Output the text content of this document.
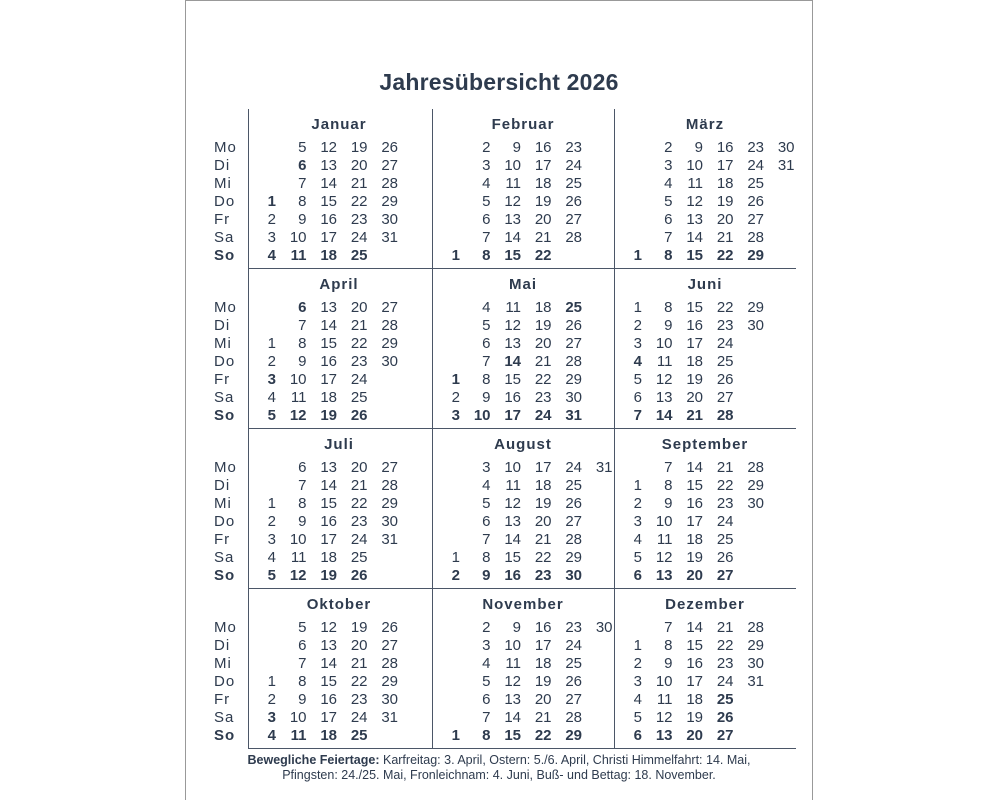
Jahresübersicht 2026
Mo
Di
Mi
Do
Fr
Sa
So
Januar
1
2
3
4
5
6
7
8
9
10
11
12
13
14
15
16
17
18
19
20
21
22
23
24
25
26
27
28
29
30
31
Februar
1
2
3
4
5
6
7
8
9
10
11
12
13
14
15
16
17
18
19
20
21
22
23
24
25
26
27
28
März
1
2
3
4
5
6
7
8
9
10
11
12
13
14
15
16
17
18
19
20
21
22
23
24
25
26
27
28
29
30
31
Mo
Di
Mi
Do
Fr
Sa
So
April
1
2
3
4
5
6
7
8
9
10
11
12
13
14
15
16
17
18
19
20
21
22
23
24
25
26
27
28
29
30
Mai
1
2
3
4
5
6
7
8
9
10
11
12
13
14
15
16
17
18
19
20
21
22
23
24
25
26
27
28
29
30
31
Juni
1
2
3
4
5
6
7
8
9
10
11
12
13
14
15
16
17
18
19
20
21
22
23
24
25
26
27
28
29
30
Mo
Di
Mi
Do
Fr
Sa
So
Juli
1
2
3
4
5
6
7
8
9
10
11
12
13
14
15
16
17
18
19
20
21
22
23
24
25
26
27
28
29
30
31
August
1
2
3
4
5
6
7
8
9
10
11
12
13
14
15
16
17
18
19
20
21
22
23
24
25
26
27
28
29
30
31
September
1
2
3
4
5
6
7
8
9
10
11
12
13
14
15
16
17
18
19
20
21
22
23
24
25
26
27
28
29
30
Mo
Di
Mi
Do
Fr
Sa
So
Oktober
1
2
3
4
5
6
7
8
9
10
11
12
13
14
15
16
17
18
19
20
21
22
23
24
25
26
27
28
29
30
31
November
1
2
3
4
5
6
7
8
9
10
11
12
13
14
15
16
17
18
19
20
21
22
23
24
25
26
27
28
29
30
Dezember
1
2
3
4
5
6
7
8
9
10
11
12
13
14
15
16
17
18
19
20
21
22
23
24
25
26
27
28
29
30
31
Bewegliche Feiertage: Karfreitag: 3. April, Ostern: 5./6. April, Christi Himmelfahrt: 14. Mai,
Pfingsten: 24./25. Mai, Fronleichnam: 4. Juni, Buß- und Bettag: 18. November.
